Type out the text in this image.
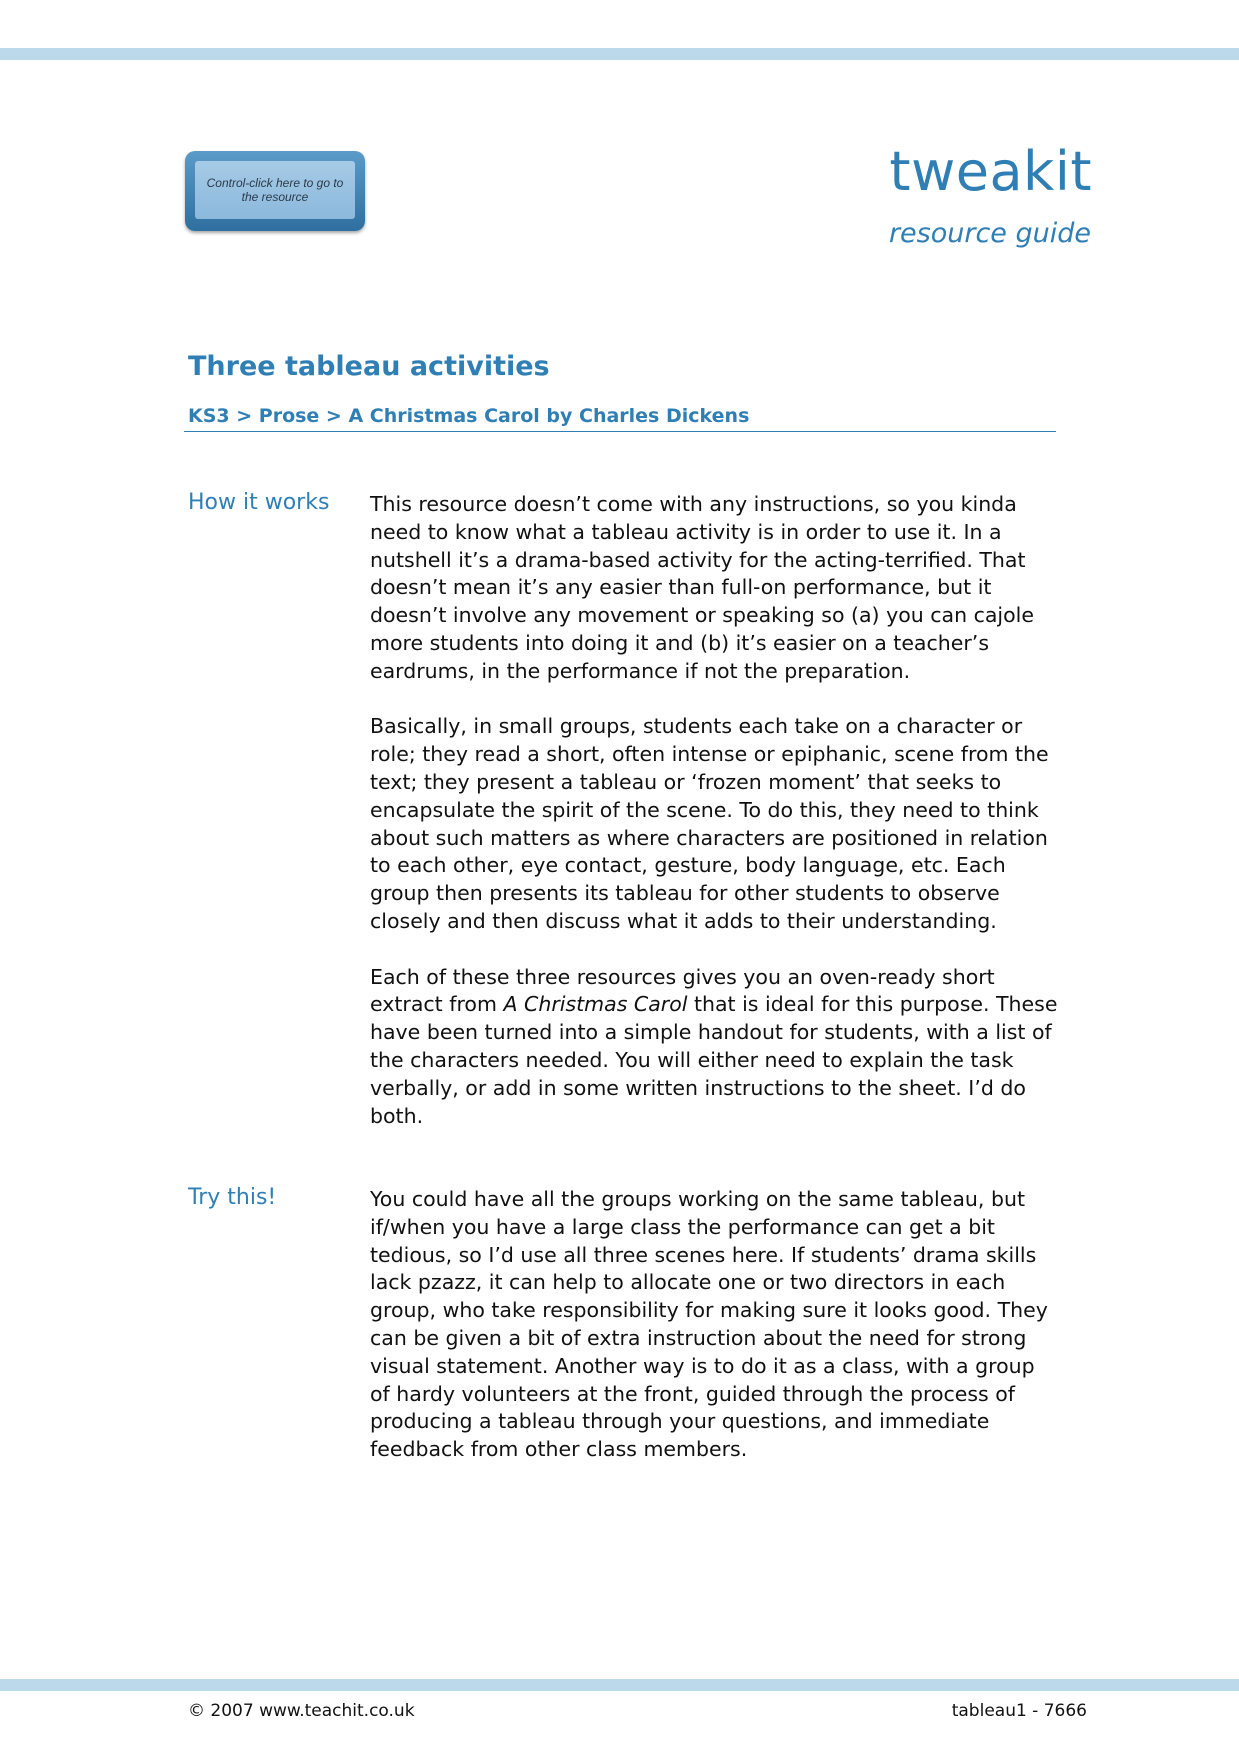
Control-click here to go to the resource	tweakit
resource guide
Three tableau activities
KS3 > Prose > A Christmas Carol by Charles Dickens
How it works This resource doesn’t come with any instructions, so you kinda need to know what a tableau activity is in order to use it. In a nutshell it’s a drama-based activity for the acting-terrified. That doesn’t mean it’s any easier than full-on performance, but it doesn’t involve any movement or speaking so (a) you can cajole more students into doing it and (b) it’s easier on a teacher’s eardrums, in the performance if not the preparation.

Basically, in small groups, students each take on a character or role; they read a short, often intense or epiphanic, scene from the text; they present a tableau or ‘frozen moment’ that seeks to encapsulate the spirit of the scene. To do this, they need to think about such matters as where characters are positioned in relation to each other, eye contact, gesture, body language, etc. Each group then presents its tableau for other students to observe closely and then discuss what it adds to their understanding.

Each of these three resources gives you an oven-ready short extract from A Christmas Carol that is ideal for this purpose. These have been turned into a simple handout for students, with a list of the characters needed. You will either need to explain the task verbally, or add in some written instructions to the sheet. I’d do both.

Try this!	You could have all the groups working on the same tableau, but if/when you have a large class the performance can get a bit tedious, so I’d use all three scenes here. If students’ drama skills lack pzazz, it can help to allocate one or two directors in each group, who take responsibility for making sure it looks good. They can be given a bit of extra instruction about the need for strong visual statement. Another way is to do it as a class, with a group of hardy volunteers at the front, guided through the process of producing a tableau through your questions, and immediate feedback from other class members.

© 2007 www.teachit.co.uk	tableau1 - 7666
